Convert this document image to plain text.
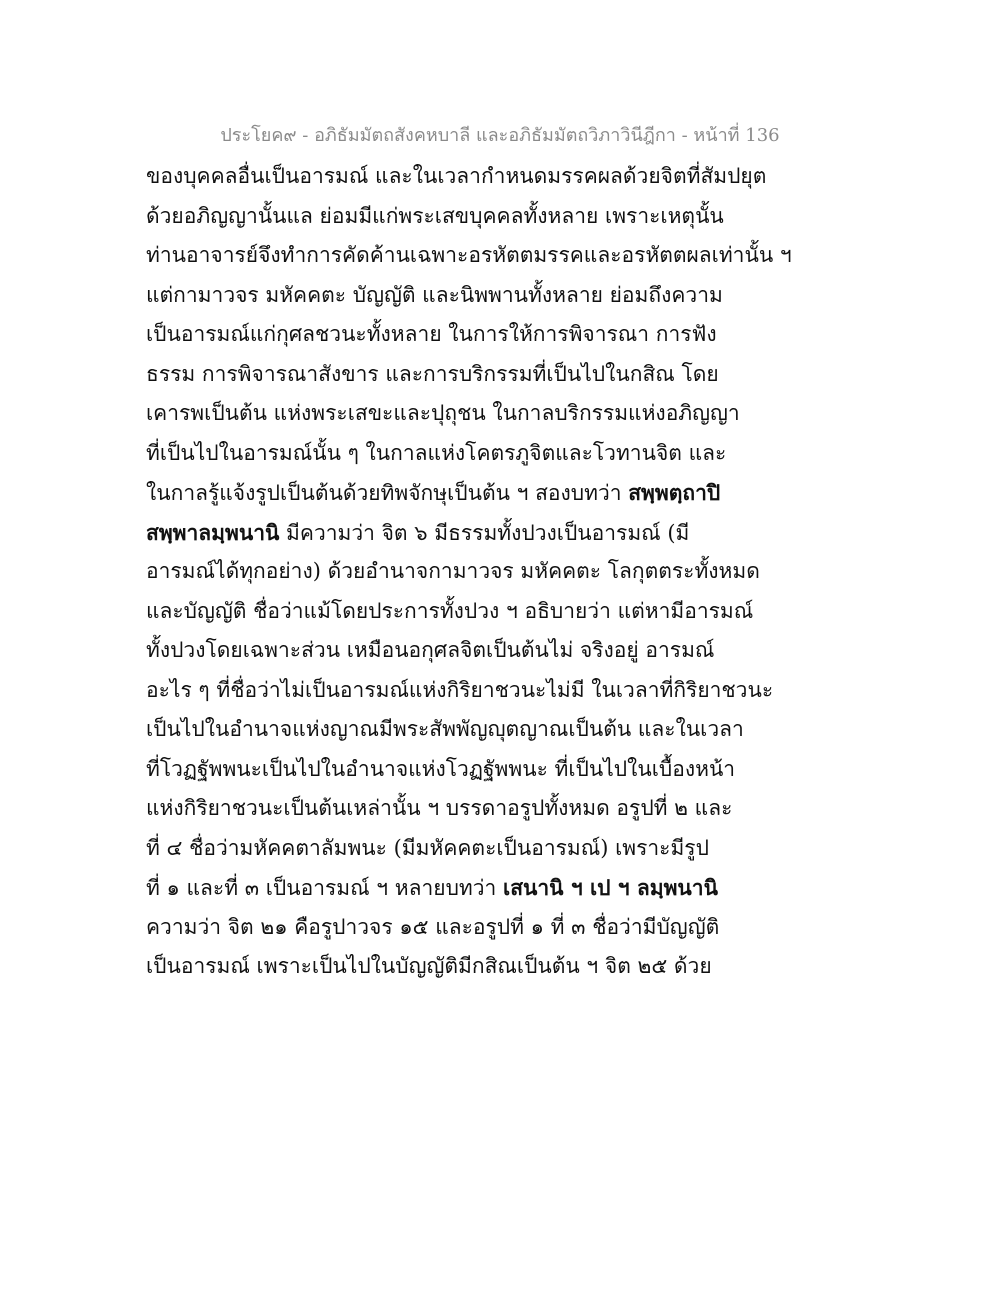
ประโยค๙ - อภิธัมมัตถสังคหบาลี และอภิธัมมัตถวิภาวินีฎีกา - หน้าที่ 136
ของบุคคลอื่นเป็นอารมณ์ และในเวลากำหนดมรรคผลด้วยจิตที่สัมปยุต
ด้วยอภิญญานั้นแล ย่อมมีแก่พระเสขบุคคลทั้งหลาย เพราะเหตุนั้น
ท่านอาจารย์จึงทำการคัดค้านเฉพาะอรหัตตมรรคและอรหัตตผลเท่านั้น ฯ
แต่กามาวจร มหัคคตะ บัญญัติ และนิพพานทั้งหลาย ย่อมถึงความ
เป็นอารมณ์แก่กุศลชวนะทั้งหลาย ในการให้การพิจารณา การฟัง
ธรรม การพิจารณาสังขาร และการบริกรรมที่เป็นไปในกสิณ โดย
เคารพเป็นต้น แห่งพระเสขะและปุถุชน ในกาลบริกรรมแห่งอภิญญา
ที่เป็นไปในอารมณ์นั้น ๆ ในกาลแห่งโคตรภูจิตและโวทานจิต และ
ในกาลรู้แจ้งรูปเป็นต้นด้วยทิพจักษุเป็นต้น ฯ สองบทว่า สพฺพตฺถาปิ
สพฺพาลมฺพนานิ มีความว่า จิต ๖ มีธรรมทั้งปวงเป็นอารมณ์ (มี
อารมณ์ได้ทุกอย่าง) ด้วยอำนาจกามาวจร มหัคคตะ โลกุตตระทั้งหมด
และบัญญัติ ชื่อว่าแม้โดยประการทั้งปวง ฯ อธิบายว่า แต่หามีอารมณ์
ทั้งปวงโดยเฉพาะส่วน เหมือนอกุศลจิตเป็นต้นไม่ จริงอยู่ อารมณ์
อะไร ๆ ที่ชื่อว่าไม่เป็นอารมณ์แห่งกิริยาชวนะไม่มี ในเวลาที่กิริยาชวนะ
เป็นไปในอำนาจแห่งญาณมีพระสัพพัญญุตญาณเป็นต้น และในเวลา
ที่โวฏฐัพพนะเป็นไปในอำนาจแห่งโวฏฐัพพนะ ที่เป็นไปในเบื้องหน้า
แห่งกิริยาชวนะเป็นต้นเหล่านั้น ฯ บรรดาอรูปทั้งหมด อรูปที่ ๒ และ
ที่ ๔ ชื่อว่ามหัคคตาลัมพนะ (มีมหัคคตะเป็นอารมณ์) เพราะมีรูป
ที่ ๑ และที่ ๓ เป็นอารมณ์ ฯ หลายบทว่า เสนานิ ฯ เป ฯ ลมฺพนานิ
ความว่า จิต ๒๑ คือรูปาวจร ๑๕ และอรูปที่ ๑ ที่ ๓ ชื่อว่ามีบัญญัติ
เป็นอารมณ์ เพราะเป็นไปในบัญญัติมีกสิณเป็นต้น ฯ จิต ๒๕ ด้วย
